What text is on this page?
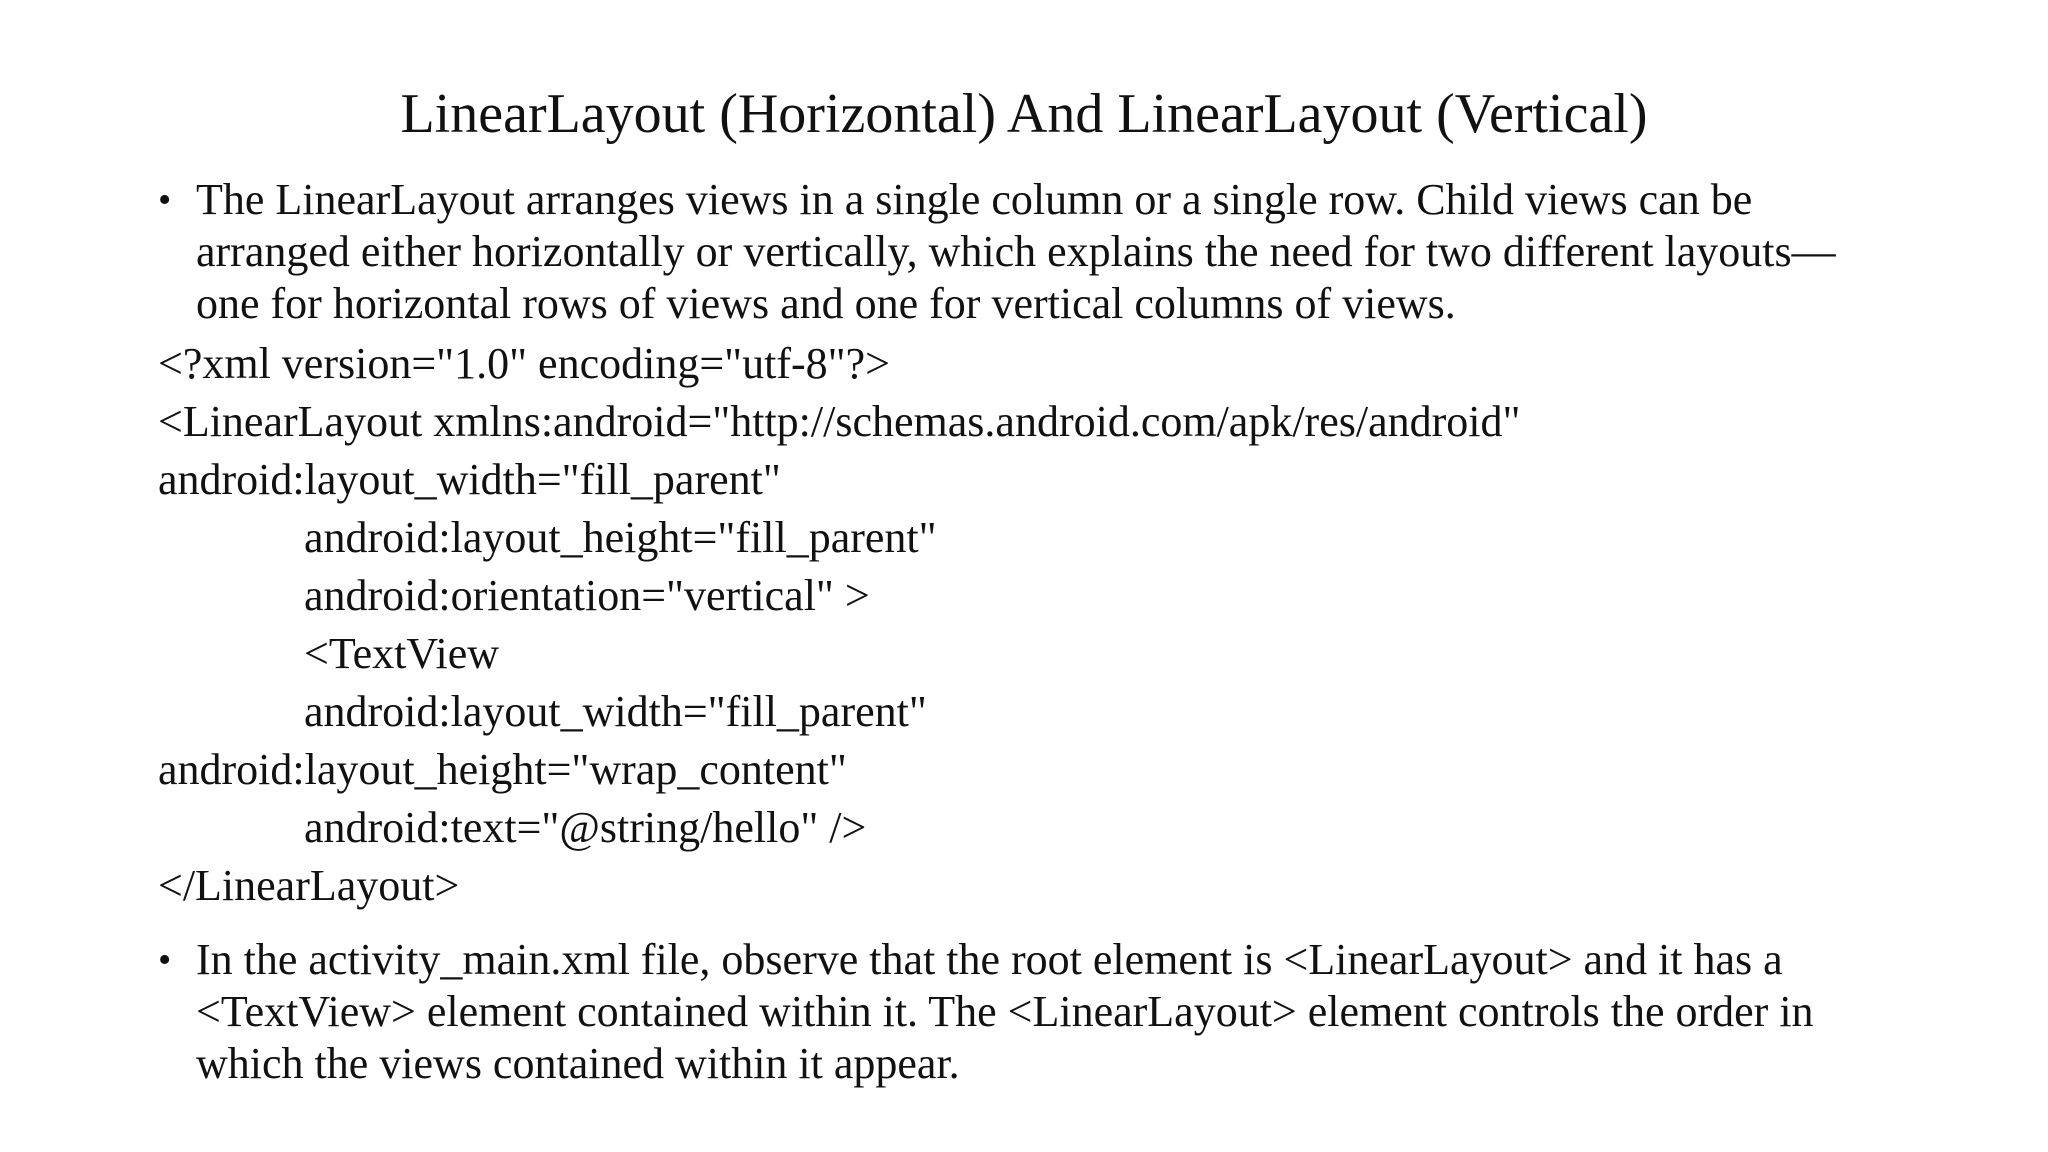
LinearLayout (Horizontal) And LinearLayout (Vertical)
• The LinearLayout arranges views in a single column or a single row. Child views can be arranged either horizontally or vertically, which explains the need for two different layouts—one for horizontal rows of views and one for vertical columns of views.
<?xml version="1.0" encoding="utf-8"?>
<LinearLayout xmlns:android="http://schemas.android.com/apk/res/android"
android:layout_width="fill_parent"
android:layout_height="fill_parent"
android:orientation="vertical" >
<TextView
android:layout_width="fill_parent"
android:layout_height="wrap_content"
android:text="@string/hello" />
</LinearLayout>
• In the activity_main.xml file, observe that the root element is <LinearLayout> and it has a <TextView> element contained within it. The <LinearLayout> element controls the order in which the views contained within it appear.
